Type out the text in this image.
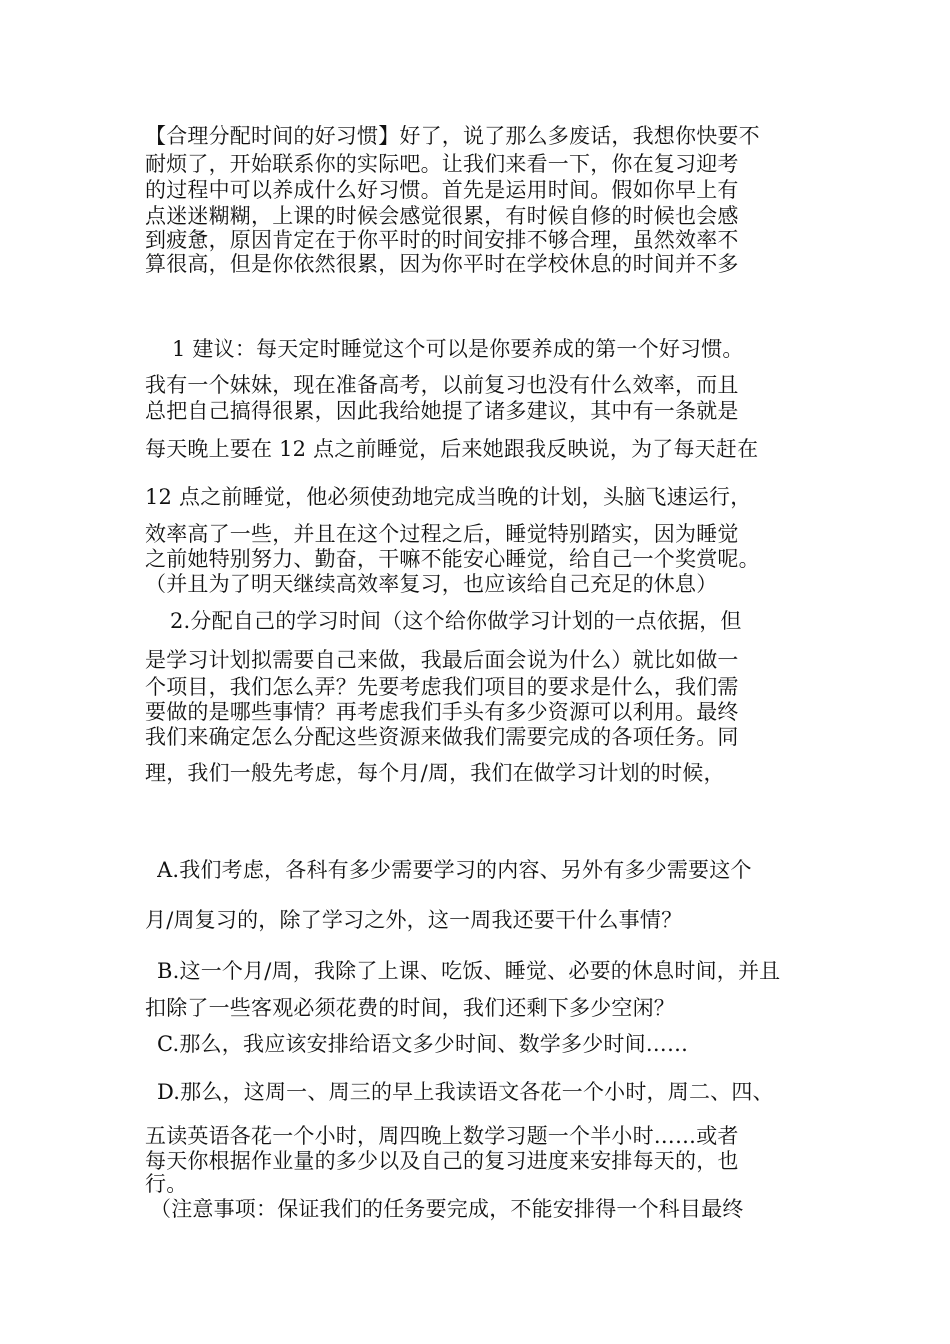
【合理分配时间的好习惯】好了，说了那么多废话，我想你快要不
耐烦了，开始联系你的实际吧。让我们来看一下，你在复习迎考
的过程中可以养成什么好习惯。首先是运用时间。假如你早上有
点迷迷糊糊，上课的时候会感觉很累，有时候自修的时候也会感
到疲惫，原因肯定在于你平时的时间安排不够合理，虽然效率不
算很高，但是你依然很累，因为你平时在学校休息的时间并不多
1 建议：每天定时睡觉这个可以是你要养成的第一个好习惯。
我有一个妹妹，现在准备高考，以前复习也没有什么效率，而且
总把自己搞得很累，因此我给她提了诸多建议，其中有一条就是
每天晚上要在 12 点之前睡觉，后来她跟我反映说，为了每天赶在
12 点之前睡觉，他必须使劲地完成当晚的计划，头脑飞速运行，
效率高了一些，并且在这个过程之后，睡觉特别踏实，因为睡觉
之前她特别努力、勤奋，干嘛不能安心睡觉，给自己一个奖赏呢。
（并且为了明天继续高效率复习，也应该给自己充足的休息）
2.分配自己的学习时间（这个给你做学习计划的一点依据，但
是学习计划拟需要自己来做，我最后面会说为什么）就比如做一
个项目，我们怎么弄？先要考虑我们项目的要求是什么，我们需
要做的是哪些事情？再考虑我们手头有多少资源可以利用。最终
我们来确定怎么分配这些资源来做我们需要完成的各项任务。同
理，我们一般先考虑，每个月/周，我们在做学习计划的时候，
A.我们考虑，各科有多少需要学习的内容、另外有多少需要这个
月/周复习的，除了学习之外，这一周我还要干什么事情？
B.这一个月/周，我除了上课、吃饭、睡觉、必要的休息时间，并且
扣除了一些客观必须花费的时间，我们还剩下多少空闲？
C.那么，我应该安排给语文多少时间、数学多少时间……
D.那么，这周一、周三的早上我读语文各花一个小时，周二、四、
五读英语各花一个小时，周四晚上数学习题一个半小时……或者
每天你根据作业量的多少以及自己的复习进度来安排每天的，也
行。
（注意事项：保证我们的任务要完成，不能安排得一个科目最终
